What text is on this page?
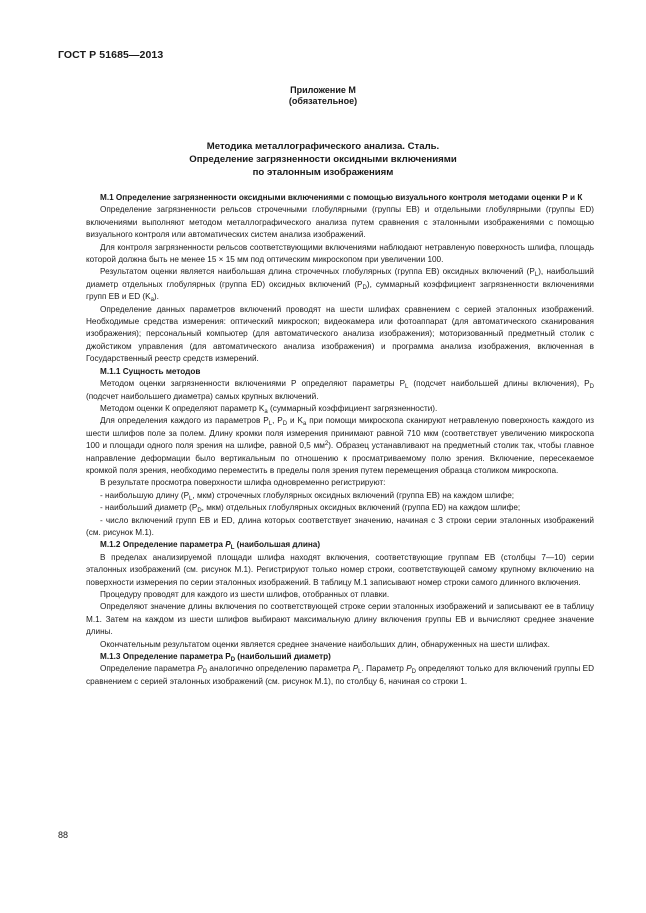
ГОСТ Р 51685—2013
Приложение М
(обязательное)
Методика металлографического анализа. Сталь.
Определение загрязненности оксидными включениями
по эталонным изображениям

М.1 Определение загрязненности оксидными включениями с помощью визуального контроля методами оценки Р и К

Определение загрязненности рельсов строчечными глобулярными (группы ЕВ) и отдельными глобулярными (группы ED) включениями выполняют методом металлографического анализа путем сравнения с эталонными изображениями с помощью визуального контроля или автоматических систем анализа изображений.

Для контроля загрязненности рельсов соответствующими включениями наблюдают нетравленую поверхность шлифа, площадь которой должна быть не менее 15 × 15 мм под оптическим микроскопом при увеличении 100.

Результатом оценки является наибольшая длина строчечных глобулярных (группа ЕВ) оксидных включений $(P_L)$, наибольший диаметр отдельных глобулярных (группа ED) оксидных включений $(P_D)$, суммарный коэффициент загрязненности включениями групп ЕВ и ED $(K_a)$.

Определение данных параметров включений проводят на шести шлифах сравнением с серией эталонных изображений. Необходимые средства измерения: оптический микроскоп; видеокамера или фотоаппарат (для автоматического сканирования изображения); персональный компьютер (для автоматического анализа изображения); моторизованный предметный столик с джойстиком управления (для автоматического анализа изображения) и программа анализа изображения, включенная в Государственный реестр средств измерений.

М.1.1 Сущность методов

Методом оценки загрязненности включениями Р определяют параметры $P_L$ (подсчет наибольшей длины включения), $P_D$ (подсчет наибольшего диаметра) самых крупных включений.

Методом оценки К определяют параметр $K_a$ (суммарный коэффициент загрязненности).

Для определения каждого из параметров $P_L$, $P_D$ и $K_a$ при помощи микроскопа сканируют нетравленую поверхность каждого из шести шлифов поле за полем. Длину кромки поля измерения принимают равной 710 мкм (соответствует увеличению микроскопа 100 и площади одного поля зрения на шлифе, равной 0,5 $мм^2$). Образец устанавливают на предметный столик так, чтобы главное направление деформации было вертикальным по отношению к просматриваемому полю зрения. Включение, пересекаемое кромкой поля зрения, необходимо переместить в пределы поля зрения путем перемещения образца столиком микроскопа.

В результате просмотра поверхности шлифа одновременно регистрируют:

- наибольшую длину ($P_L$, мкм) строчечных глобулярных оксидных включений (группа ЕВ) на каждом шлифе;

- наибольший диаметр ($P_D$, мкм) отдельных глобулярных оксидных включений (группа ED) на каждом шлифе;

- число включений групп ЕВ и ED, длина которых соответствует значению, начиная с 3 строки серии эталонных изображений (см. рисунок М.1).

М.1.2 Определение параметра $P_L$ (наибольшая длина)

В пределах анализируемой площади шлифа находят включения, соответствующие группам ЕВ (столбцы 7—10) серии эталонных изображений (см. рисунок М.1). Регистрируют только номер строки, соответствующей самому крупному включению на поверхности измерения по серии эталонных изображений. В таблицу М.1 записывают номер строки самого длинного включения.

Процедуру проводят для каждого из шести шлифов, отобранных от плавки.

Определяют значение длины включения по соответствующей строке серии эталонных изображений и записывают ее в таблицу М.1. Затем на каждом из шести шлифов выбирают максимальную длину включения группы ЕВ и вычисляют среднее значение длины.

Окончательным результатом оценки является среднее значение наибольших длин, обнаруженных на шести шлифах.

М.1.3 Определение параметра $P_D$ (наибольший диаметр)

Определение параметра $P_D$ аналогично определению параметра $P_L$. Параметр $P_D$ определяют только для включений группы ED сравнением с серией эталонных изображений (см. рисунок М.1), по столбцу 6, начиная со строки 1.

88
